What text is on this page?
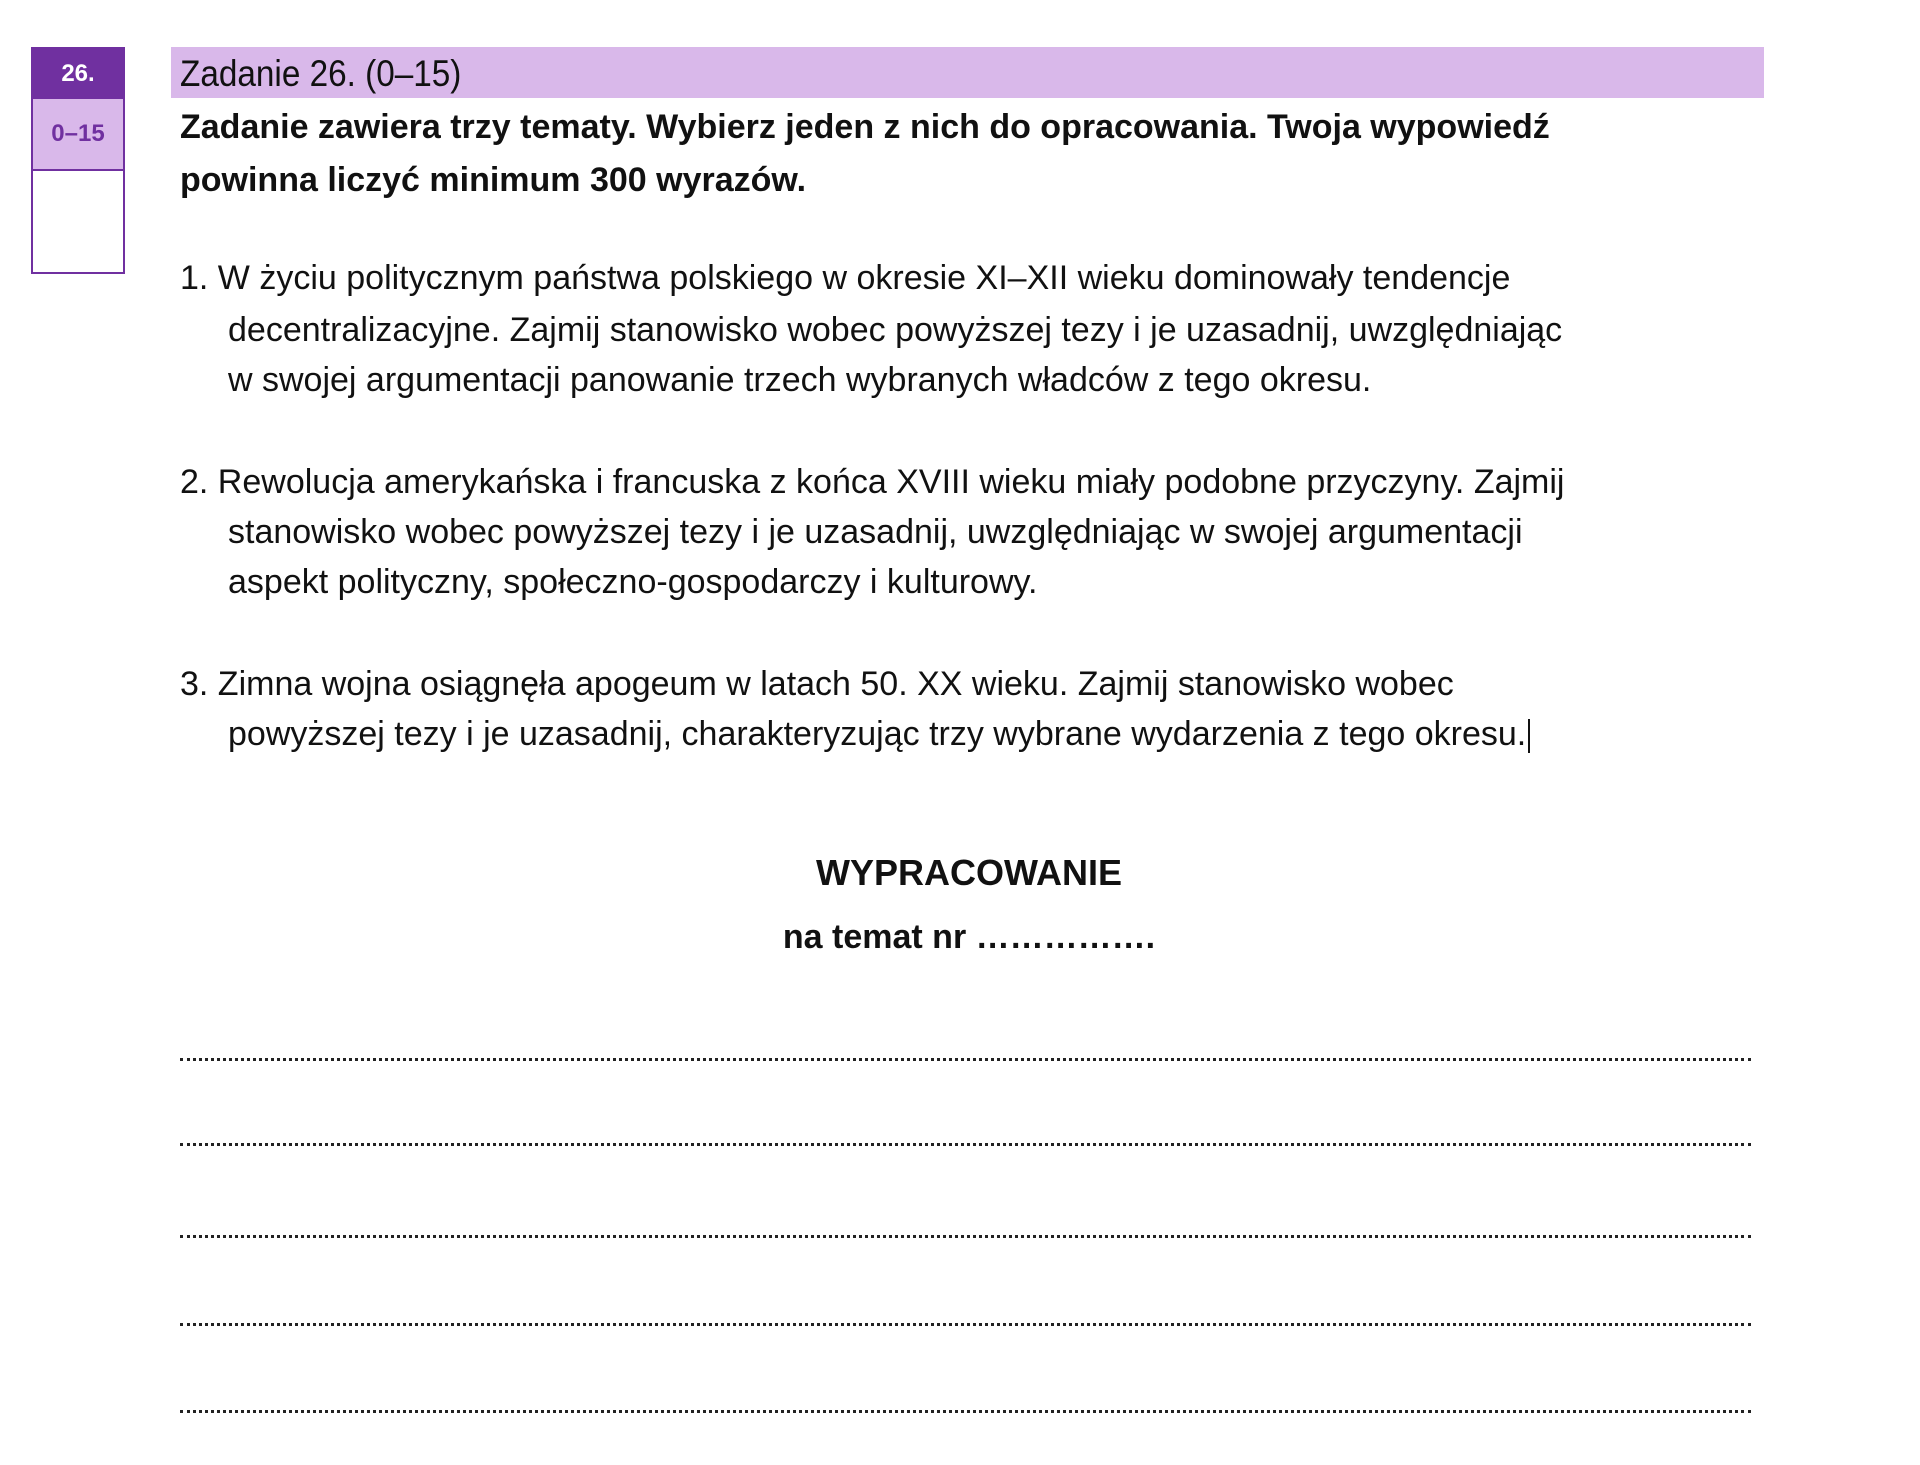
26.
0–15
Zadanie 26. (0–15)
Zadanie zawiera trzy tematy. Wybierz jeden z nich do opracowania. Twoja wypowiedź
powinna liczyć minimum 300 wyrazów.
1. W życiu politycznym państwa polskiego w okresie XI–XII wieku dominowały tendencje
decentralizacyjne. Zajmij stanowisko wobec powyższej tezy i je uzasadnij, uwzględniając
w swojej argumentacji panowanie trzech wybranych władców z tego okresu.
2. Rewolucja amerykańska i francuska z końca XVIII wieku miały podobne przyczyny. Zajmij
stanowisko wobec powyższej tezy i je uzasadnij, uwzględniając w swojej argumentacji
aspekt polityczny, społeczno-gospodarczy i kulturowy.
3. Zimna wojna osiągnęła apogeum w latach 50. XX wieku. Zajmij stanowisko wobec
powyższej tezy i je uzasadnij, charakteryzując trzy wybrane wydarzenia z tego okresu.
WYPRACOWANIE
na temat nr …………….
